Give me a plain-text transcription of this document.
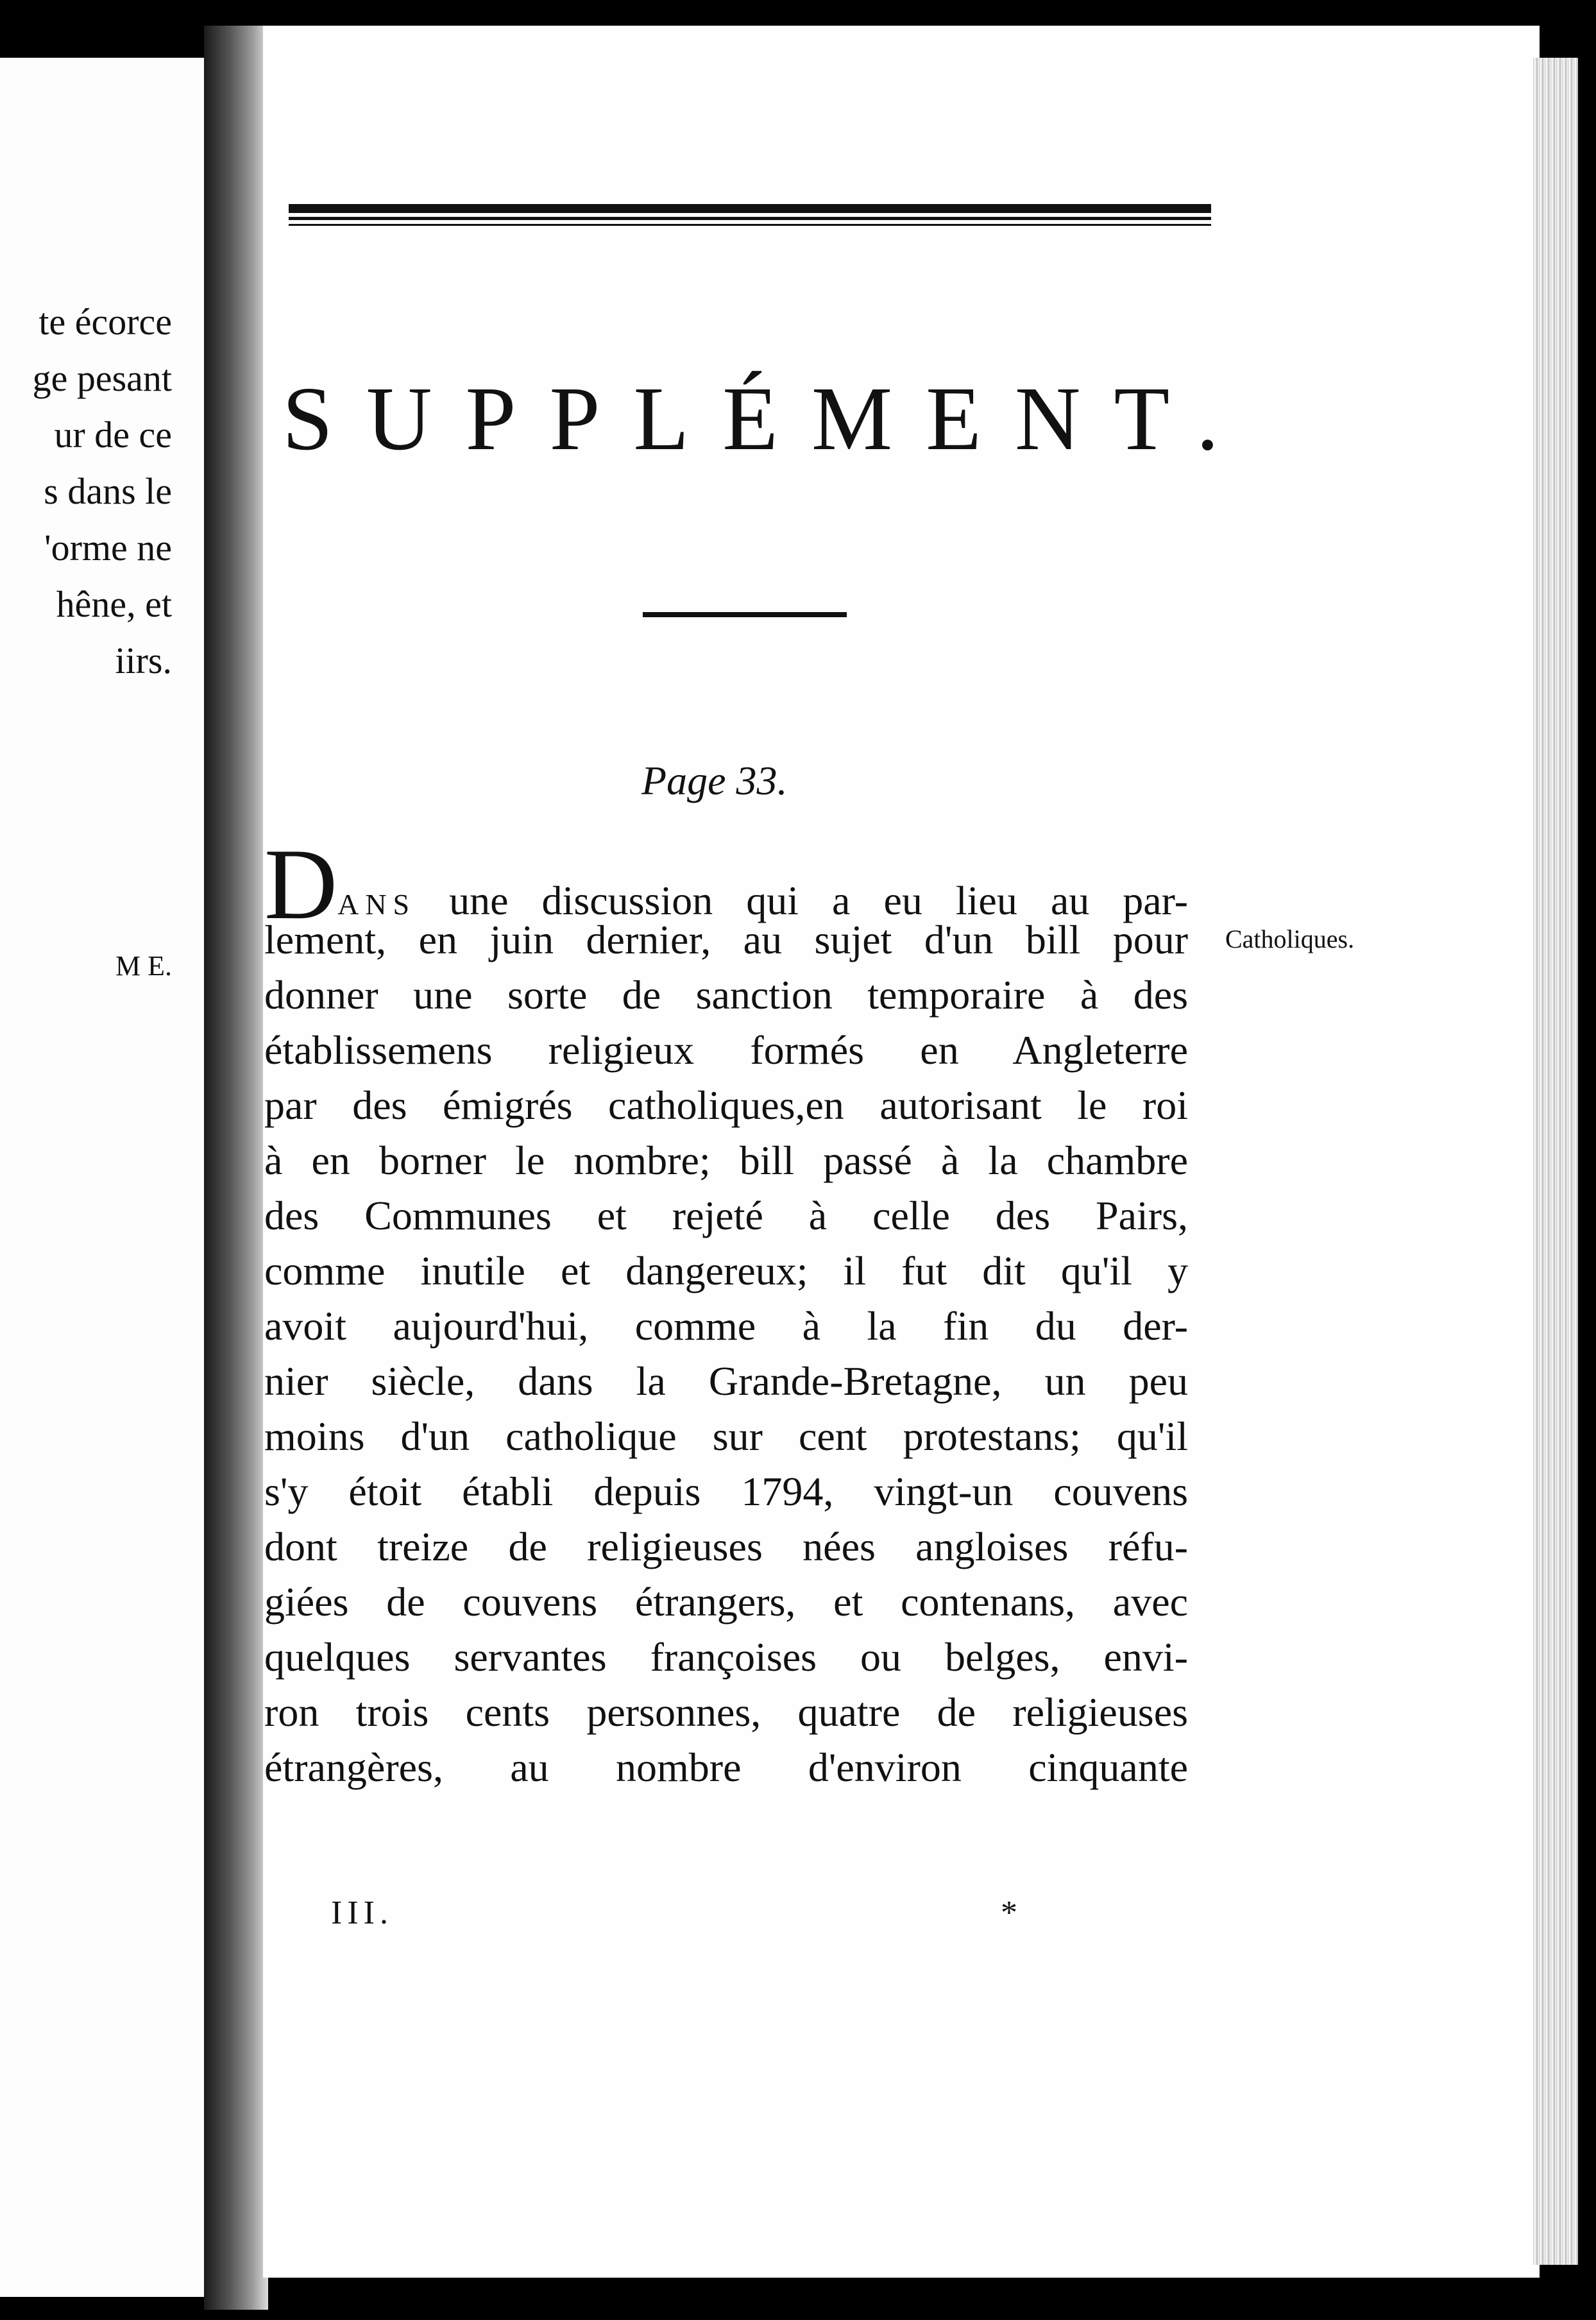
te écorce
ge pesant
ur de ce
s dans le
'orme ne
hêne, et
iirs.
M E.
SUPPLÉMENT.
Page 33.
Catholiques.
DANS une discussion qui a eu lieu au par-
lement, en juin dernier, au sujet d'un bill pour
donner une sorte de sanction temporaire à des
établissemens religieux formés en Angleterre
par des émigrés catholiques,en autorisant le roi
à en borner le nombre; bill passé à la chambre
des Communes et rejeté à celle des Pairs,
comme inutile et dangereux; il fut dit qu'il y
avoit aujourd'hui, comme à la fin du der-
nier siècle, dans la Grande-Bretagne, un peu
moins d'un catholique sur cent protestans; qu'il
s'y étoit établi depuis 1794, vingt-un couvens
dont treize de religieuses nées angloises réfu-
giées de couvens étrangers, et contenans, avec
quelques servantes françoises ou belges, envi-
ron trois cents personnes, quatre de religieuses
étrangères, au nombre d'environ cinquante
III.	*
